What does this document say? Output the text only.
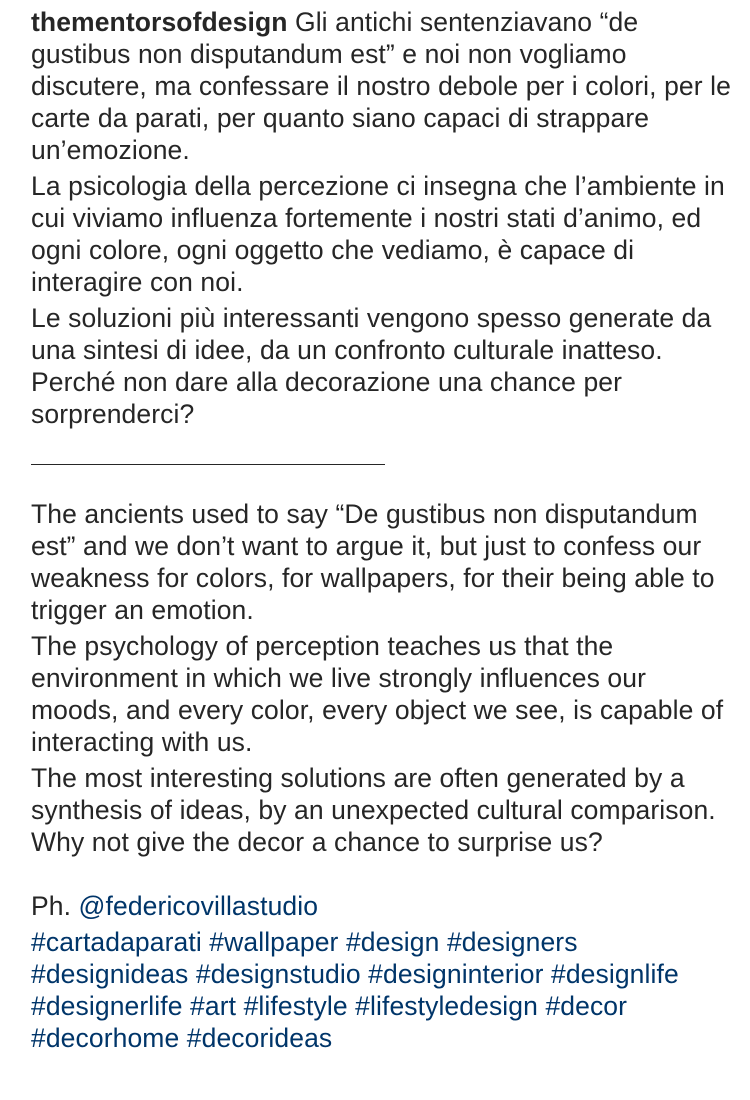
thementorsofdesign Gli antichi sentenziavano “de gustibus non disputandum est” e noi non vogliamo discutere, ma confessare il nostro debole per i colori, per le carte da parati, per quanto siano capaci di strappare un’emozione.

La psicologia della percezione ci insegna che l’ambiente in cui viviamo influenza fortemente i nostri stati d’animo, ed ogni colore, ogni oggetto che vediamo, è capace di interagire con noi.

Le soluzioni più interessanti vengono spesso generate da una sintesi di idee, da un confronto culturale inatteso. Perché non dare alla decorazione una chance per sorprenderci?

The ancients used to say “De gustibus non disputandum est” and we don’t want to argue it, but just to confess our weakness for colors, for wallpapers, for their being able to trigger an emotion.

The psychology of perception teaches us that the environment in which we live strongly influences our moods, and every color, every object we see, is capable of interacting with us.

The most interesting solutions are often generated by a synthesis of ideas, by an unexpected cultural comparison. Why not give the decor a chance to surprise us?

Ph. @federicovillastudio

#cartadaparati #wallpaper #design #designers #designideas #designstudio #designinterior #designlife #designerlife #art #lifestyle #lifestyledesign #decor #decorhome #decorideas
